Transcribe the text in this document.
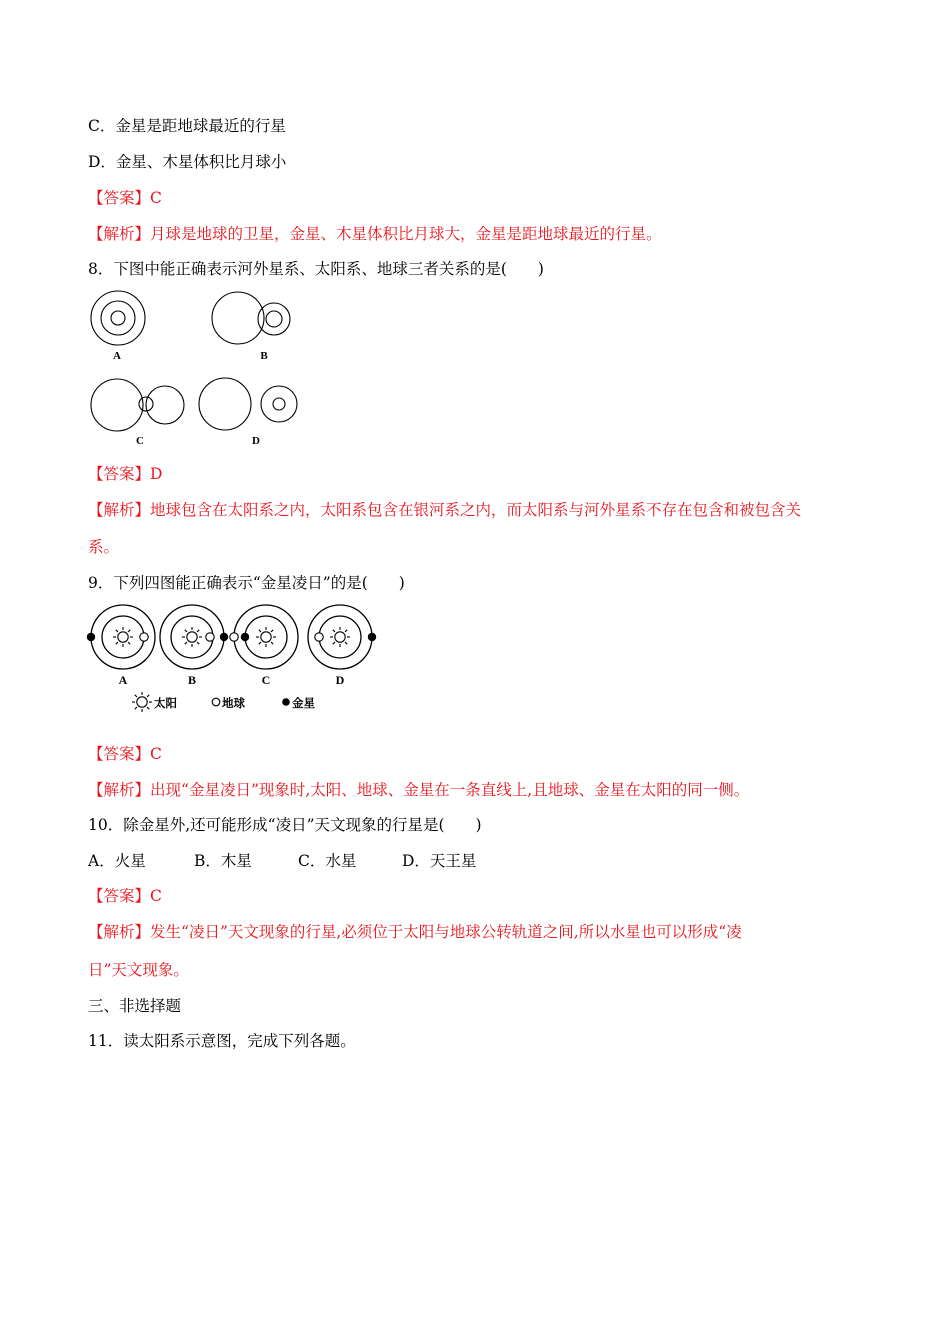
C．金星是距地球最近的行星
D．金星、木星体积比月球小
【答案】C
【解析】月球是地球的卫星，金星、木星体积比月球大，金星是距地球最近的行星。
8．下图中能正确表示河外星系、太阳系、地球三者关系的是(　　)
A	B
C	D
【答案】D
【解析】地球包含在太阳系之内，太阳系包含在银河系之内，而太阳系与河外星系不存在包含和被包含关
系。
9．下列四图能正确表示“金星凌日”的是(　　)
A	B	C	D
太阳	地球	金星
【答案】C
【解析】出现“金星凌日”现象时,太阳、地球、金星在一条直线上,且地球、金星在太阳的同一侧。
10．除金星外,还可能形成“凌日”天文现象的行星是(　　)
A．火星	B．木星	C．水星	D．天王星
【答案】C
【解析】发生“凌日”天文现象的行星,必须位于太阳与地球公转轨道之间,所以水星也可以形成“凌
日”天文现象。
三、非选择题
11．读太阳系示意图，完成下列各题。
